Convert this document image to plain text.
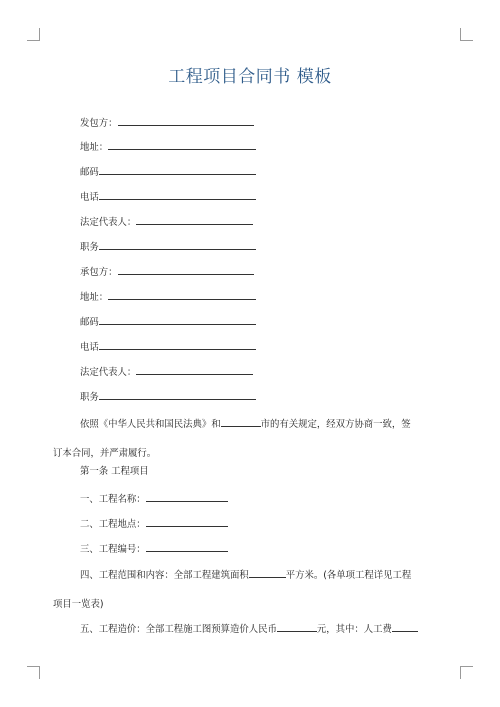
工程项目合同书 模板
发包方：
地址：
邮码
电话
法定代表人：
职务
承包方：
地址：
邮码
电话
法定代表人：
职务
依照《中华人民共和国民法典》和	市的有关规定，经双方协商一致，签
订本合同，并严肃履行。
第一条 工程项目
一、工程名称：
二、工程地点：
三、工程编号：
四、工程范围和内容：全部工程建筑面积	平方米。(各单项工程详见工程
项目一览表)
五、工程造价：全部工程施工图预算造价人民币	元，其中：人工费
